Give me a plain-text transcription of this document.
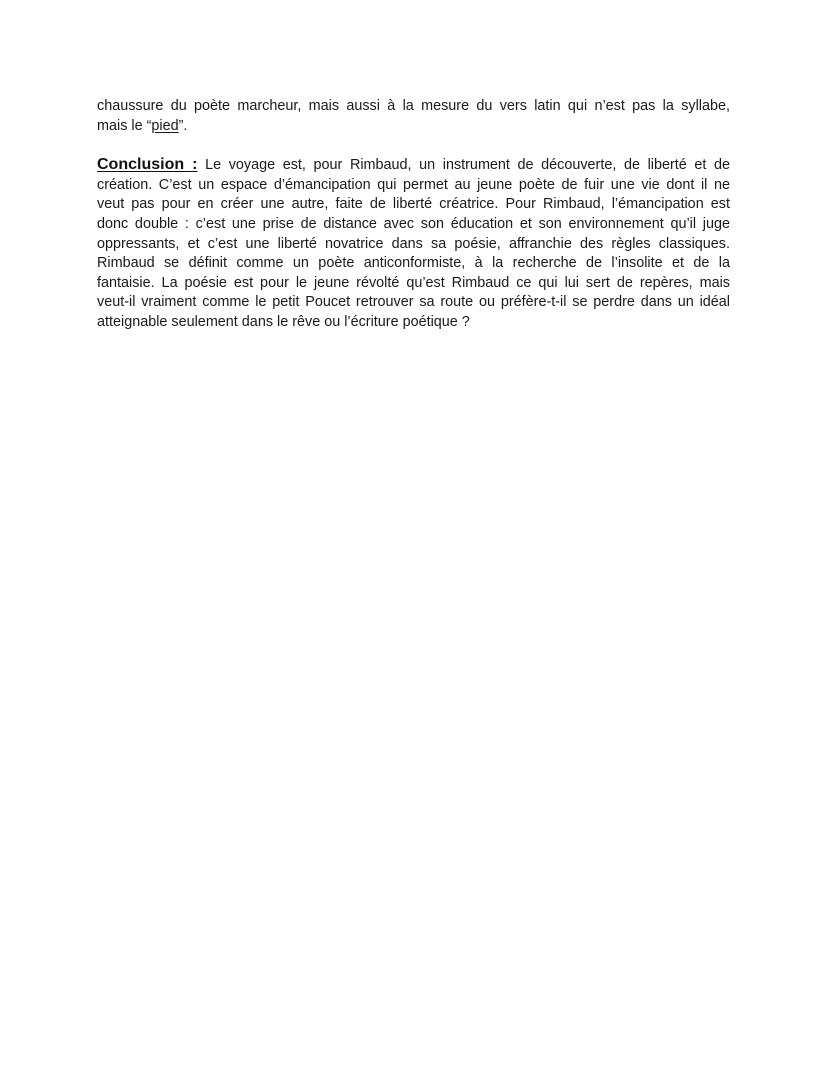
chaussure du poète marcheur, mais aussi à la mesure du vers latin qui n’est pas la syllabe,
mais le “pied”.

Conclusion : Le voyage est, pour Rimbaud, un instrument de découverte, de liberté et de
création. C’est un espace d’émancipation qui permet au jeune poète de fuir une vie dont il ne
veut pas pour en créer une autre, faite de liberté créatrice. Pour Rimbaud, l’émancipation est
donc double : c’est une prise de distance avec son éducation et son environnement qu’il juge
oppressants, et c’est une liberté novatrice dans sa poésie, affranchie des règles classiques.
Rimbaud se définit comme un poète anticonformiste, à la recherche de l’insolite et de la
fantaisie. La poésie est pour le jeune révolté qu’est Rimbaud ce qui lui sert de repères, mais
veut-il vraiment comme le petit Poucet retrouver sa route ou préfère-t-il se perdre dans un idéal
atteignable seulement dans le rêve ou l’écriture poétique ?
